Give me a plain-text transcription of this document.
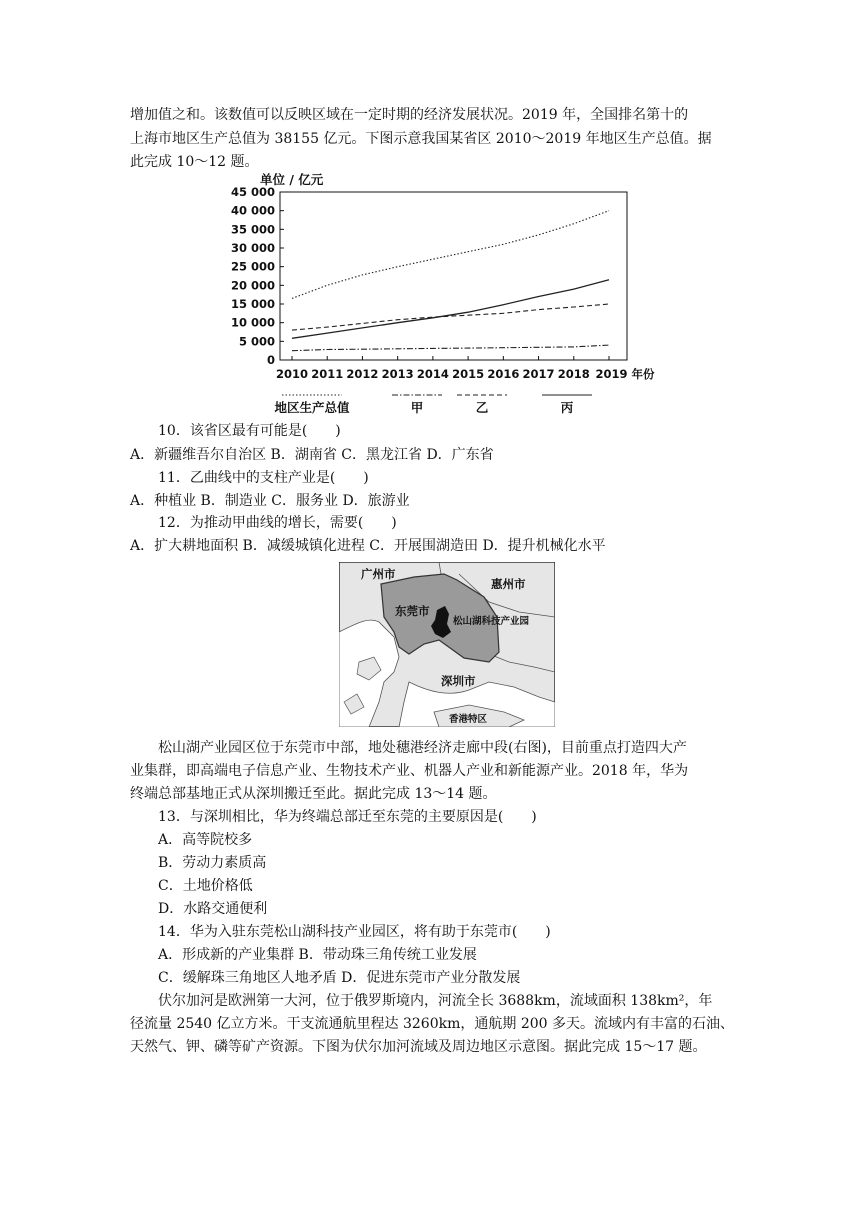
增加值之和。该数值可以反映区域在一定时期的经济发展状况。2019 年，全国排名第十的
上海市地区生产总值为 38155 亿元。下图示意我国某省区 2010～2019 年地区生产总值。据
此完成 10～12 题。
单位 / 亿元
0
5 000
10 000
15 000
20 000
25 000
30 000
35 000
40 000
45 000
2010 2011 2012 2013 2014 2015 2016 2017 2018 2019 年份
地区生产总值	甲	乙	丙
10．该省区最有可能是(　　)
A．新疆维吾尔自治区 B．湖南省 C．黑龙江省 D．广东省
11．乙曲线中的支柱产业是(　　)
A．种植业 B．制造业 C．服务业 D．旅游业
12．为推动甲曲线的增长，需要(　　)
A．扩大耕地面积 B．减缓城镇化进程 C．开展围湖造田 D．提升机械化水平
广州市
惠州市
东莞市
松山湖科技产业园
深圳市
香港特区
松山湖产业园区位于东莞市中部，地处穗港经济走廊中段(右图)，目前重点打造四大产
业集群，即高端电子信息产业、生物技术产业、机器人产业和新能源产业。2018 年，华为
终端总部基地正式从深圳搬迁至此。据此完成 13～14 题。
13．与深圳相比，华为终端总部迁至东莞的主要原因是(　　)
A．高等院校多
B．劳动力素质高
C．土地价格低
D．水路交通便利
14．华为入驻东莞松山湖科技产业园区，将有助于东莞市(　　)
A．形成新的产业集群 B．带动珠三角传统工业发展
C．缓解珠三角地区人地矛盾 D．促进东莞市产业分散发展
伏尔加河是欧洲第一大河，位于俄罗斯境内，河流全长 3688km，流域面积 138km²，年
径流量 2540 亿立方米。干支流通航里程达 3260km，通航期 200 多天。流域内有丰富的石油、
天然气、钾、磷等矿产资源。下图为伏尔加河流域及周边地区示意图。据此完成 15～17 题。
